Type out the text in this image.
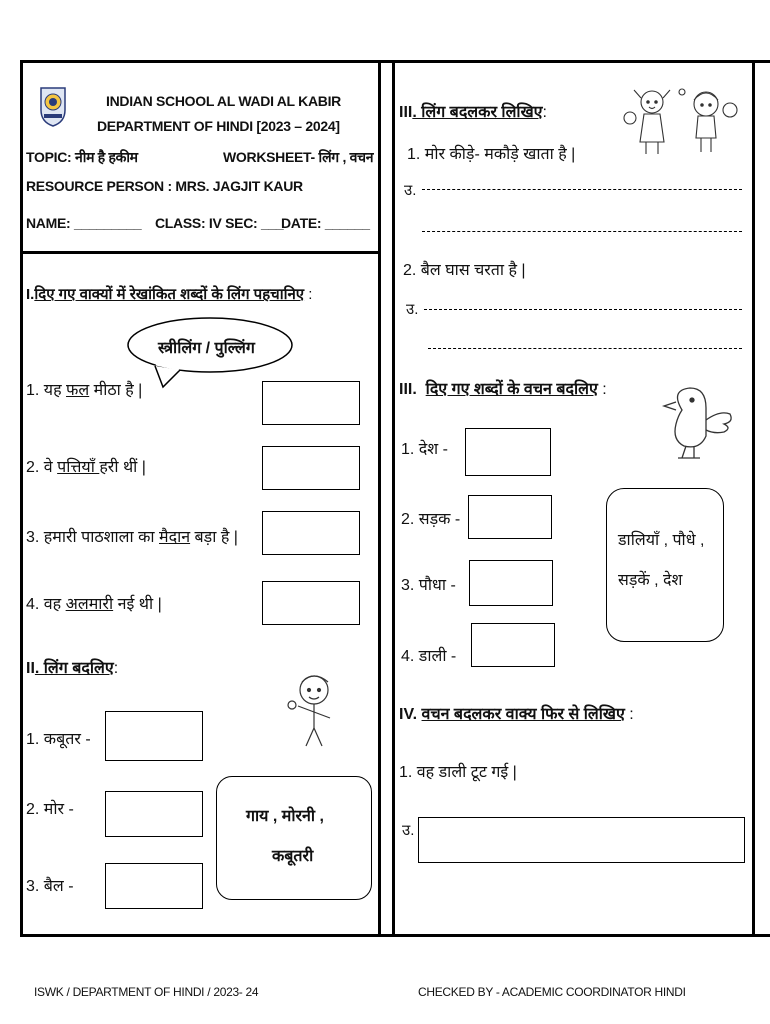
INDIAN SCHOOL AL WADI AL KABIR
DEPARTMENT OF HINDI [2023 – 2024]
TOPIC: नीम है हकीम	WORKSHEET- लिंग , वचन
RESOURCE PERSON : MRS. JAGJIT KAUR
NAME: _________ CLASS: IV SEC: ___
DATE: ______
I.दिए गए वाक्यों में रेखांकित शब्दों के लिंग पहचानिए :
स्त्रीलिंग / पुल्लिंग
1. यह फल मीठा है |
2. वे पत्तियाँ हरी थीं |
3. हमारी पाठशाला का मैदान बड़ा है |
4. वह अलमारी नई थी |
II. लिंग बदलिए:
1. कबूतर -
2. मोर -
3. बैल -
गाय , मोरनी ,
कबूतरी
III. लिंग बदलकर लिखिए:
1. मोर कीड़े- मकौड़े खाता है |
उ.
2. बैल घास चरता है |
उ.
III. दिए गए शब्दों के वचन बदलिए :
1. देश -
2. सड़क -
3. पौधा -
4. डाली -
डालियाँ , पौधे ,
सड़कें , देश
IV. वचन बदलकर वाक्य फिर से लिखिए :
1. वह डाली टूट गई |
उ.
ISWK / DEPARTMENT OF HINDI / 2023- 24	CHECKED BY - ACADEMIC COORDINATOR HINDI
